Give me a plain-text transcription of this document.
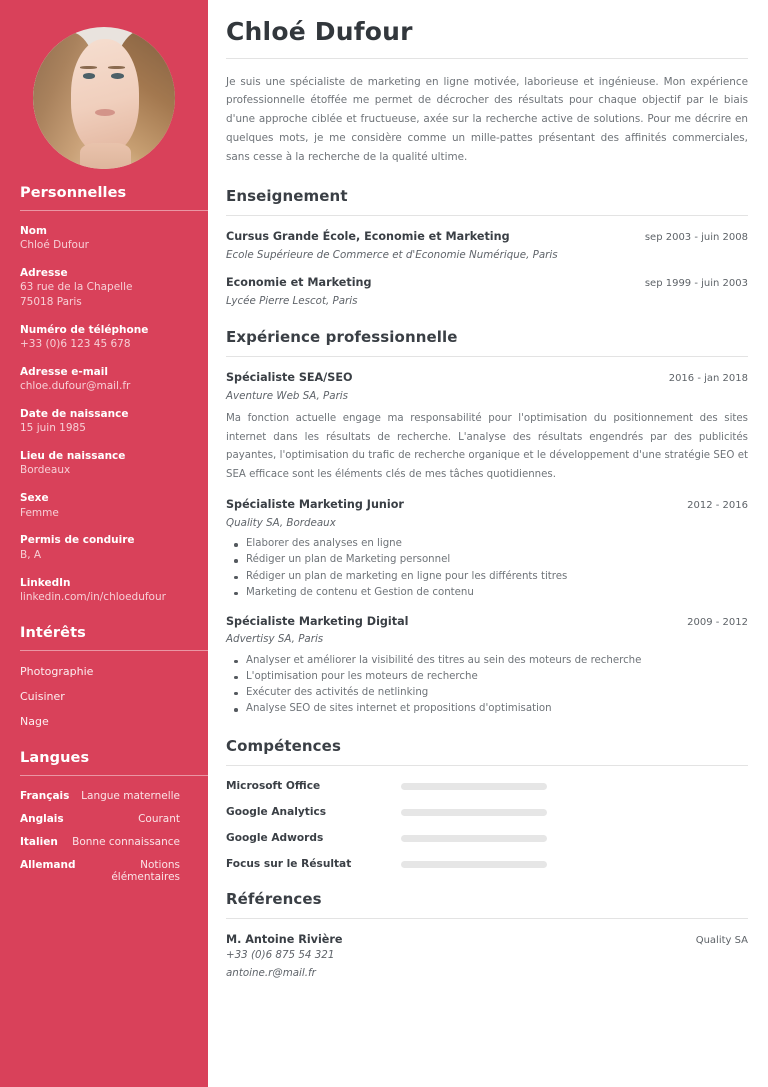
Personnelles
Nom
Chloé Dufour
Adresse
63 rue de la Chapelle
75018 Paris
Numéro de téléphone
+33 (0)6 123 45 678
Adresse e-mail
chloe.dufour@mail.fr
Date de naissance
15 juin 1985
Lieu de naissance
Bordeaux
Sexe
Femme
Permis de conduire
B, A
LinkedIn
linkedin.com/in/chloedufour
Intérêts
Photographie
Cuisiner
Nage
Langues
Français Langue maternelle
Anglais	Courant
Italien Bonne connaissance
Allemand	Notions élémentaires
Chloé Dufour

Je suis une spécialiste de marketing en ligne motivée, laborieuse et ingénieuse. Mon expérience professionnelle étoffée me permet de décrocher des résultats pour chaque objectif par le biais d'une approche ciblée et fructueuse, axée sur la recherche active de solutions. Pour me décrire en quelques mots, je me considère comme un mille-pattes présentant des affinités commerciales, sans cesse à la recherche de la qualité ultime.

Enseignement
Cursus Grande École, Economie et Marketing	sep 2003 - juin 2008
Ecole Supérieure de Commerce et d'Economie Numérique, Paris
Economie et Marketing	sep 1999 - juin 2003
Lycée Pierre Lescot, Paris
Expérience professionnelle
Spécialiste SEA/SEO	2016 - jan 2018
Aventure Web SA, Paris
Ma fonction actuelle engage ma responsabilité pour l'optimisation du positionnement des sites internet dans les résultats de recherche. L'analyse des résultats engendrés par des publicités payantes, l'optimisation du trafic de recherche organique et le développement d'une stratégie SEO et SEA efficace sont les éléments clés de mes tâches quotidiennes.
Spécialiste Marketing Junior	2012 - 2016
Quality SA, Bordeaux
Elaborer des analyses en ligne
Rédiger un plan de Marketing personnel
Rédiger un plan de marketing en ligne pour les différents titres
Marketing de contenu et Gestion de contenu
Spécialiste Marketing Digital	2009 - 2012
Advertisy SA, Paris
Analyser et améliorer la visibilité des titres au sein des moteurs de recherche
L'optimisation pour les moteurs de recherche
Exécuter des activités de netlinking
Analyse SEO de sites internet et propositions d'optimisation
Compétences
Microsoft Office
Google Analytics
Google Adwords
Focus sur le Résultat
Références
M. Antoine Rivière	Quality SA
+33 (0)6 875 54 321
antoine.r@mail.fr
